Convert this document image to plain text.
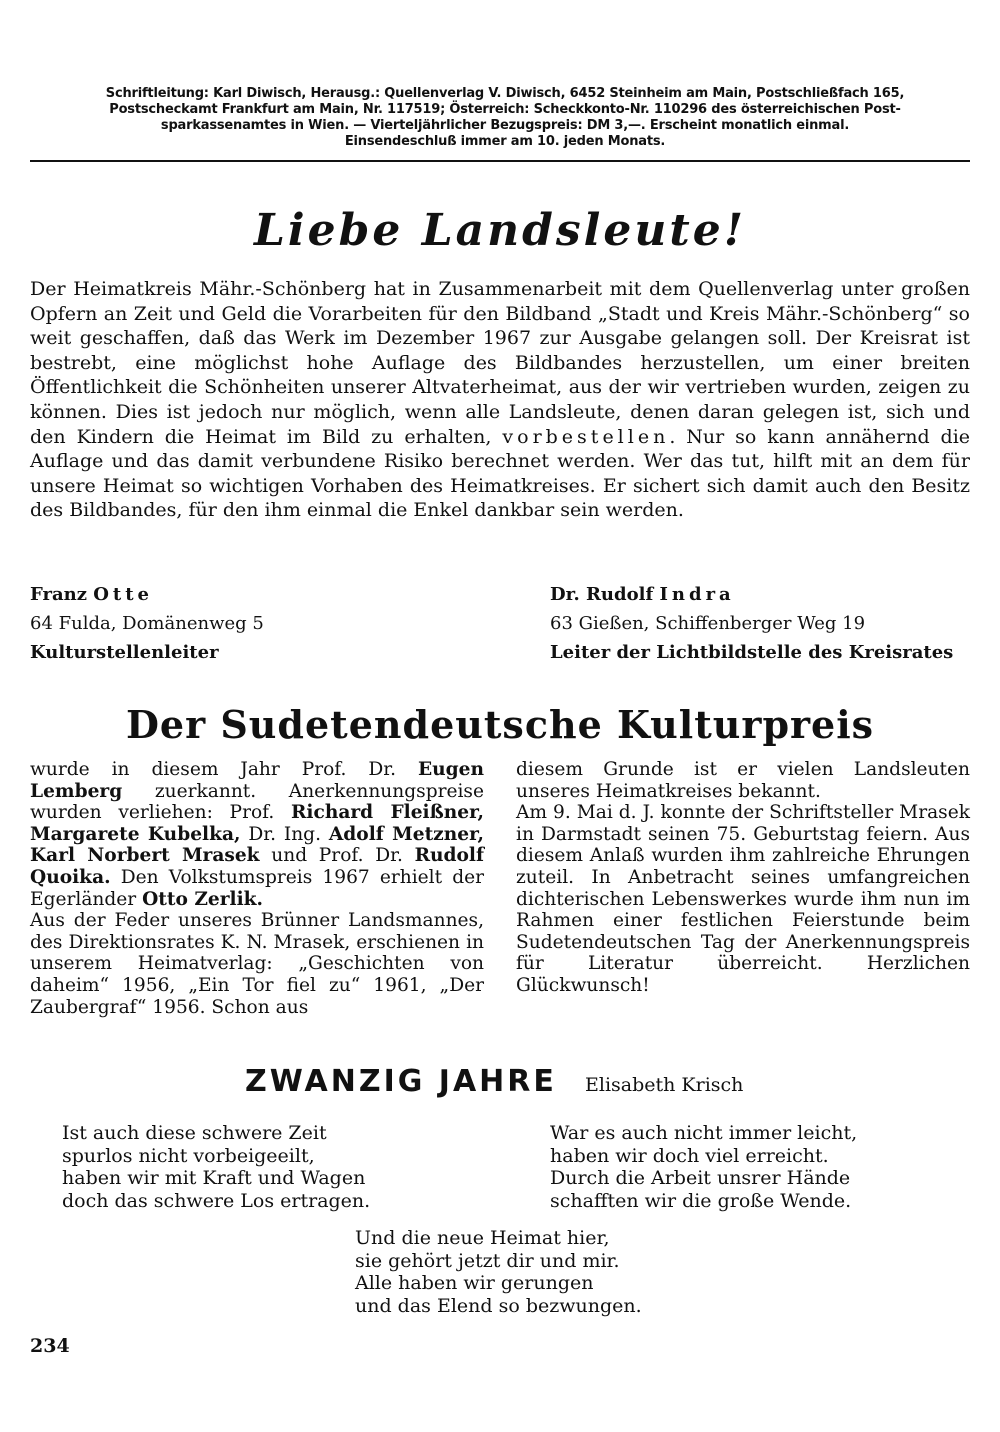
Schriftleitung: Karl Diwisch, Herausg.: Quellenverlag V. Diwisch, 6452 Steinheim am Main, Postschließfach 165,
Postscheckamt Frankfurt am Main, Nr. 117519; Österreich: Scheckkonto-Nr. 110296 des österreichischen Post-
sparkassenamtes in Wien. — Vierteljährlicher Bezugspreis: DM 3,—. Erscheint monatlich einmal.
Einsendeschluß immer am 10. jeden Monats.
Liebe Landsleute!
Der Heimatkreis Mähr.-Schönberg hat in Zusammenarbeit mit dem Quellenverlag unter großen Opfern an Zeit und Geld die Vorarbeiten für den Bildband „Stadt und Kreis Mähr.-Schönberg“ so weit geschaffen, daß das Werk im Dezember 1967 zur Ausgabe gelangen soll. Der Kreisrat ist bestrebt, eine möglichst hohe Auflage des Bildbandes herzustellen, um einer breiten Öffentlichkeit die Schönheiten unserer Altvaterheimat, aus der wir vertrieben wurden, zeigen zu können. Dies ist jedoch nur möglich, wenn alle Landsleute, denen daran gelegen ist, sich und den Kindern die Heimat im Bild zu erhalten, vorbestellen. Nur so kann annähernd die Auflage und das damit verbundene Risiko berechnet werden. Wer das tut, hilft mit an dem für unsere Heimat so wichtigen Vorhaben des Heimatkreises. Er sichert sich damit auch den Besitz des Bildbandes, für den ihm einmal die Enkel dankbar sein werden.
Franz Otte
64 Fulda, Domänenweg 5
Kulturstellenleiter
Dr. Rudolf Indra
63 Gießen, Schiffenberger Weg 19
Leiter der Lichtbildstelle des Kreisrates
Der Sudetendeutsche Kulturpreis
wurde in diesem Jahr Prof. Dr. Eugen Lemberg zuerkannt. Anerkennungspreise wurden verliehen: Prof. Richard Fleißner, Margarete Kubelka, Dr. Ing. Adolf Metzner, Karl Norbert Mrasek und Prof. Dr. Rudolf Quoika. Den Volkstumspreis 1967 erhielt der Egerländer Otto Zerlik.
Aus der Feder unseres Brünner Landsmannes, des Direktionsrates K. N. Mrasek, erschienen in unserem Heimatverlag: „Geschichten von daheim“ 1956, „Ein Tor fiel zu“ 1961, „Der Zaubergraf“ 1956. Schon aus
diesem Grunde ist er vielen Landsleuten unseres Heimatkreises bekannt.
Am 9. Mai d. J. konnte der Schriftsteller Mrasek in Darmstadt seinen 75. Geburtstag feiern. Aus diesem Anlaß wurden ihm zahlreiche Ehrungen zuteil. In Anbetracht seines umfangreichen dichterischen Lebenswerkes wurde ihm nun im Rahmen einer festlichen Feierstunde beim Sudetendeutschen Tag der Anerkennungspreis für Literatur überreicht. Herzlichen Glückwunsch!
ZWANZIG JAHRE Elisabeth Krisch
Ist auch diese schwere Zeit
spurlos nicht vorbeigeeilt,
haben wir mit Kraft und Wagen
doch das schwere Los ertragen.
War es auch nicht immer leicht,
haben wir doch viel erreicht.
Durch die Arbeit unsrer Hände
schafften wir die große Wende.
Und die neue Heimat hier,
sie gehört jetzt dir und mir.
Alle haben wir gerungen
und das Elend so bezwungen.
234
